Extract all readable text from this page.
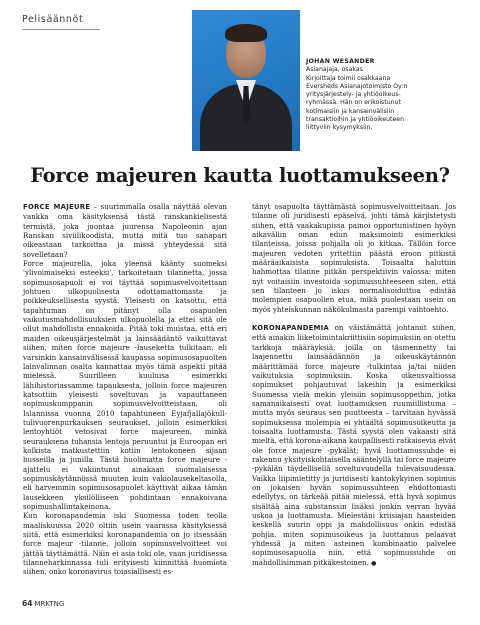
Pelisäännöt
JOHAN WESANDER
Asianajaja, osakas
Kirjoittaja toimii osakkaana
Eversheds Asianajotoimisto Oy:n
yritysjärjestely- ja yhtiöoikeus-
ryhmässä. Hän on erikoistunut
kotimaisiin ja kansainvälisiin
transaktioihin ja yhtiöoikeuteen
liittyviin kysymyksiin.
Force majeuren kautta luottamukseen?

FORCE MAJEURE – suurimmalla osalla näyttää olevan vankka oma käsityksensä tästä ranskankielisestä termistä, joka juontaa juurensa Napoleonin ajan Ranskan siviilikoodista, mutta mitä tuo sanapari oikeastaan tarkoittaa ja missä yhteydessä sitä sovelletaan?

Force majeurella, joka yleensä käänty suomeksi 'ylivoimaiseksi esteeksi', tarkoitetaan tilannetta, jossa sopimusosapuoli ei voi täyttää sopimusvelvoitettaan johtuen ulkopuolisesta odottamattomasta ja poikkeuksellisesta syystä. Yleisesti on katsottu, että tapahtuman on pitänyt olla osapuolen vaikutusmahdollisuuksien ulkopuolella ja ettei sitä ole ollut mahdollista ennakoida. Pitää toki muistaa, että eri maiden oikeusjärjestelmät ja lainsäädäntö vaikuttavat siihen, miten force majeure -lauseketta tulkitaan, eli varsinkin kansainvälisessä kaupassa sopimusosapuolten lainvalinnan osalta kannattaa myös tämä aspekti pitää mielessä. Suurilleen kuuluisa esimerkki lähihistoriassamme tapauksesta, jolloin force majeuren katsottiin yleisesti soveltuvan ja vapauttaneen sopimuskumppanin sopimusvelvoitteistaan, oli Islannissa vuonna 2010 tapahtuneen Eyjafjallajökull-tulivuorenpurkauksen seuraukset, jolloin esimerkiksi lentoyhtiöt vetosivat force majeureen, minkä seurauksena tuhansia lentoja peruuntui ja Euroopan eri kolkista matkustettiin kotiin lentokoneen sijaan busseilla ja junilla. Tästä huolimatta force majeure -ajattelu ei vakiintunut ainakaan suomalaisessa sopimuskäytännössä muuten kuin vakiolausekeltasolla, eli harvemmin sopimusosapuolet käyttivät aikaa tämän lausekkeen yksilölliseen pohdintaan ennakoivana sopimushallintakeinona.

Kun koronapandemia iski Suomessa toden teolla maaliskuussa 2020 oltiin usein vaarassa käsityksessä siitä, että esimerkiksi koronapandemia on jo itsessään force majeur -tilanne, jolloin sopimusvelvoitteet voi jättää täyttämättä. Näin ei asia toki ole, vaan juridisessa tilanneharkinnassa tuli erityisesti kiinnittää huomiota siihen, onko koronavirus toiasiallisesti es-

tänyt osapuolta täyttämästä sopimusvelvoitteitaan. Jos tilanne oli juridisesti epäselvä, johti tämä kärjistetysti siihen, että vaakakupissa painoi opportunistinen hyöyn aikaväliin oman edun maksimointi esimerkiksi tilanteissa, joissa pohjalla oli jo kitkaa. Tällöin force majeuren vedoten yritettiin päästä eroon pitkistä määräaikaisista sopimuksista. Toisaalta haluttiin hahmottaa tilanne pitkän perspektiivin valossa: miten nyt voitaisiin investoida sopimussuhteeseen siten, että sen tilanteen jo iskus normalisoiduttua edistää molempien osapuolien etua, mikä puolestaan usein on myös yhteiskunnan näkökulmasta parempi vaihtoehto.

KORONAPANDEMIA on väistämättä johtanut siihen, että ainakin liiketoimintakriittisiin sopimuksiin on otettu tarkkoja määräyksiä, joilla on täsmennetty tai laajennettu lainsäädännön ja oikeuskäytännön määrittämää force majeure -tulkintaa ja/tai niiden vaikutuksia sopimuksiin. Koska oikeusvaltiossa sopimukset pohjautuvat lakeihin ja esimerkiksi Suomessa vielä mekin yleisiin sopimusoppeihin, jotka samanaikaisesti ovat luottamuksen ruumiillistuma – mutta myös seuraus sen puutteesta – tarvitaan hyvässä sopimuksessa molempia ei yhtäältä sopimusoikeutta ja toisaalta luottamusta. Tästä syystä olen vakaasti sitä mieltä, että korona-aikana kaupallisesti ratkaisevia eivät ole force majeure -pykälät; hyvä luottamussuhde ei rakennu yksityiskohtaisella sääntelyllä tai force majeure -pykälän täydellisellä soveltuvuudella tulevaisuudessa. Vaikka liipimietitty ja juridisesti kantokykyinen sopimus on jokaisen hyvän sopimussuhteen ehdottomasti edellytys, on tärkeää pitää mielessä, että hyvä sopimus sisältää aina substanssin lisäksi jonkin verran hyvää uskoa ja luottamusta. Mielestäni kriisiajan haasteiden keskellä suurin oppi ja mahdollisuus onkin edistää pohjia, miten sopimusoikeus ja luottamus pelaavat yhdessä ja miten asteinen kombinaatio palvelee sopimusosapuolia niin, että sopimussuhde on mahdollisimman pitkäkestoinen. ●

64 MRKTNG
